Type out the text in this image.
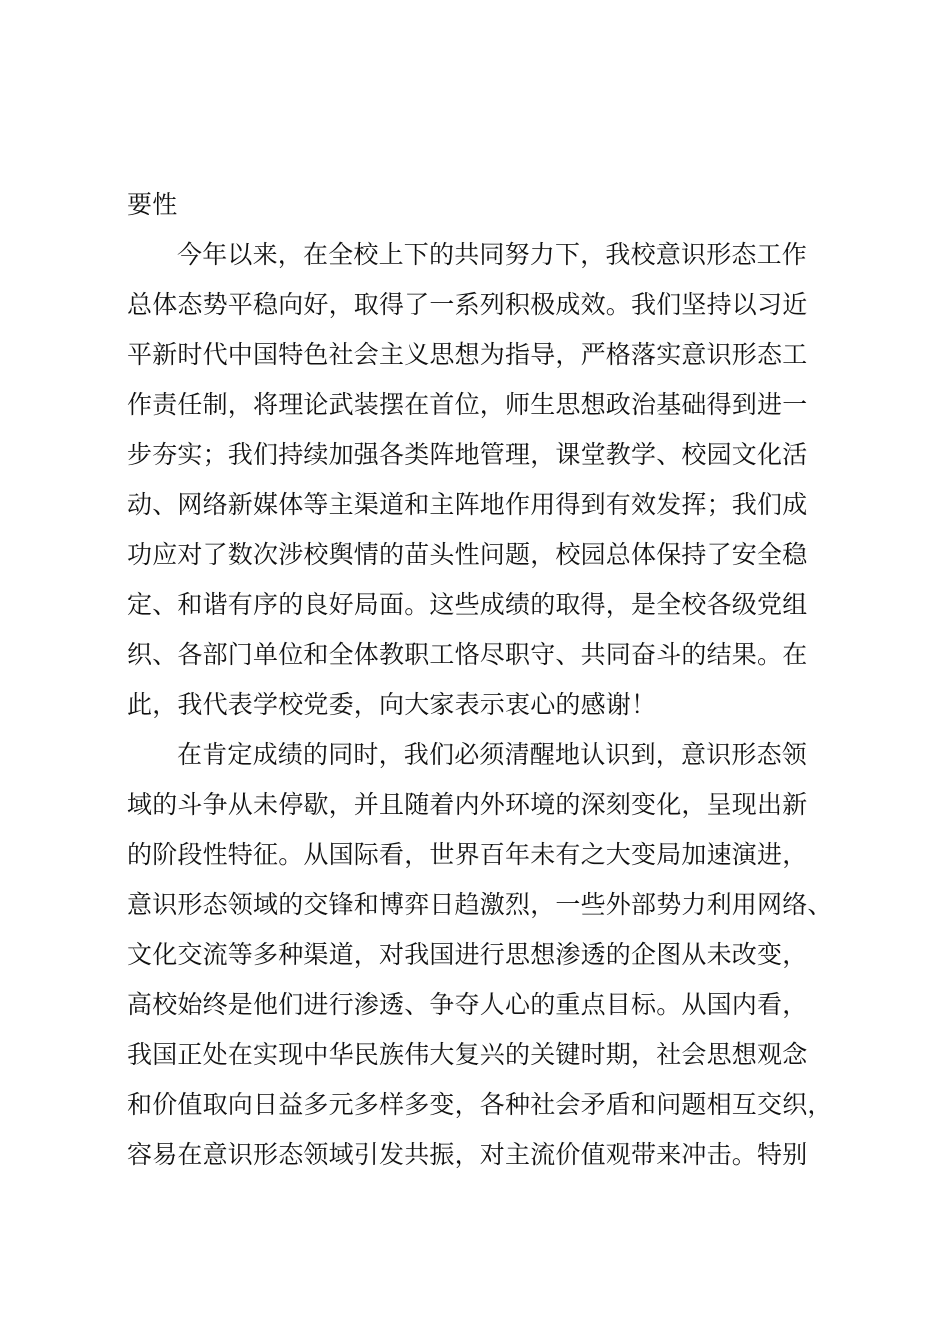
要性
今年以来，在全校上下的共同努力下，我校意识形态工作
总体态势平稳向好，取得了一系列积极成效。我们坚持以习近
平新时代中国特色社会主义思想为指导，严格落实意识形态工
作责任制，将理论武装摆在首位，师生思想政治基础得到进一
步夯实；我们持续加强各类阵地管理，课堂教学、校园文化活
动、网络新媒体等主渠道和主阵地作用得到有效发挥；我们成
功应对了数次涉校舆情的苗头性问题，校园总体保持了安全稳
定、和谐有序的良好局面。这些成绩的取得，是全校各级党组
织、各部门单位和全体教职工恪尽职守、共同奋斗的结果。在
此，我代表学校党委，向大家表示衷心的感谢！
在肯定成绩的同时，我们必须清醒地认识到，意识形态领
域的斗争从未停歇，并且随着内外环境的深刻变化，呈现出新
的阶段性特征。从国际看，世界百年未有之大变局加速演进，
意识形态领域的交锋和博弈日趋激烈，一些外部势力利用网络、
文化交流等多种渠道，对我国进行思想渗透的企图从未改变，
高校始终是他们进行渗透、争夺人心的重点目标。从国内看，
我国正处在实现中华民族伟大复兴的关键时期，社会思想观念
和价值取向日益多元多样多变，各种社会矛盾和问题相互交织，
容易在意识形态领域引发共振，对主流价值观带来冲击。特别
